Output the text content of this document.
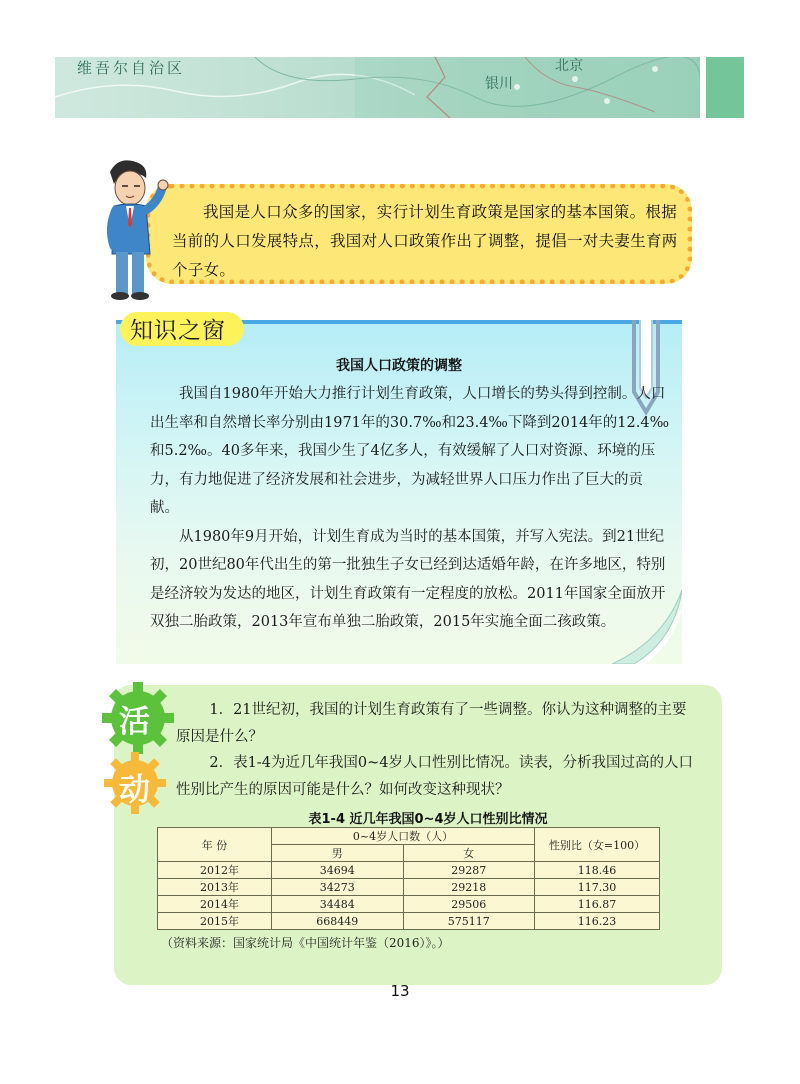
维吾尔自治区
银川
北京
我国是人口众多的国家，实行计划生育政策是国家的基本国策。根据当前的人口发展特点，我国对人口政策作出了调整，提倡一对夫妻生育两个子女。
知识之窗
我国人口政策的调整

我国自1980年开始大力推行计划生育政策，人口增长的势头得到控制。人口出生率和自然增长率分别由1971年的30.7‰和23.4‰下降到2014年的12.4‰和5.2‰。40多年来，我国少生了4亿多人，有效缓解了人口对资源、环境的压力，有力地促进了经济发展和社会进步，为减轻世界人口压力作出了巨大的贡献。

从1980年9月开始，计划生育成为当时的基本国策，并写入宪法。到21世纪初，20世纪80年代出生的第一批独生子女已经到达适婚年龄，在许多地区，特别是经济较为发达的地区，计划生育政策有一定程度的放松。2011年国家全面放开双独二胎政策，2013年宣布单独二胎政策，2015年实施全面二孩政策。

活
动

1．21世纪初，我国的计划生育政策有了一些调整。你认为这种调整的主要原因是什么？

2．表1-4为近几年我国0~4岁人口性别比情况。读表，分析我国过高的人口性别比产生的原因可能是什么？如何改变这种现状？

表1-4 近几年我国0~4岁人口性别比情况
年 份	0~4岁人口数（人）		性别比（女=100）
	男	女	
2012年	34694	29287	118.46
2013年	34273	29218	117.30
2014年	34484	29506	116.87
2015年	668449	575117	116.23
（资料来源：国家统计局《中国统计年鉴（2016）》。）
13
